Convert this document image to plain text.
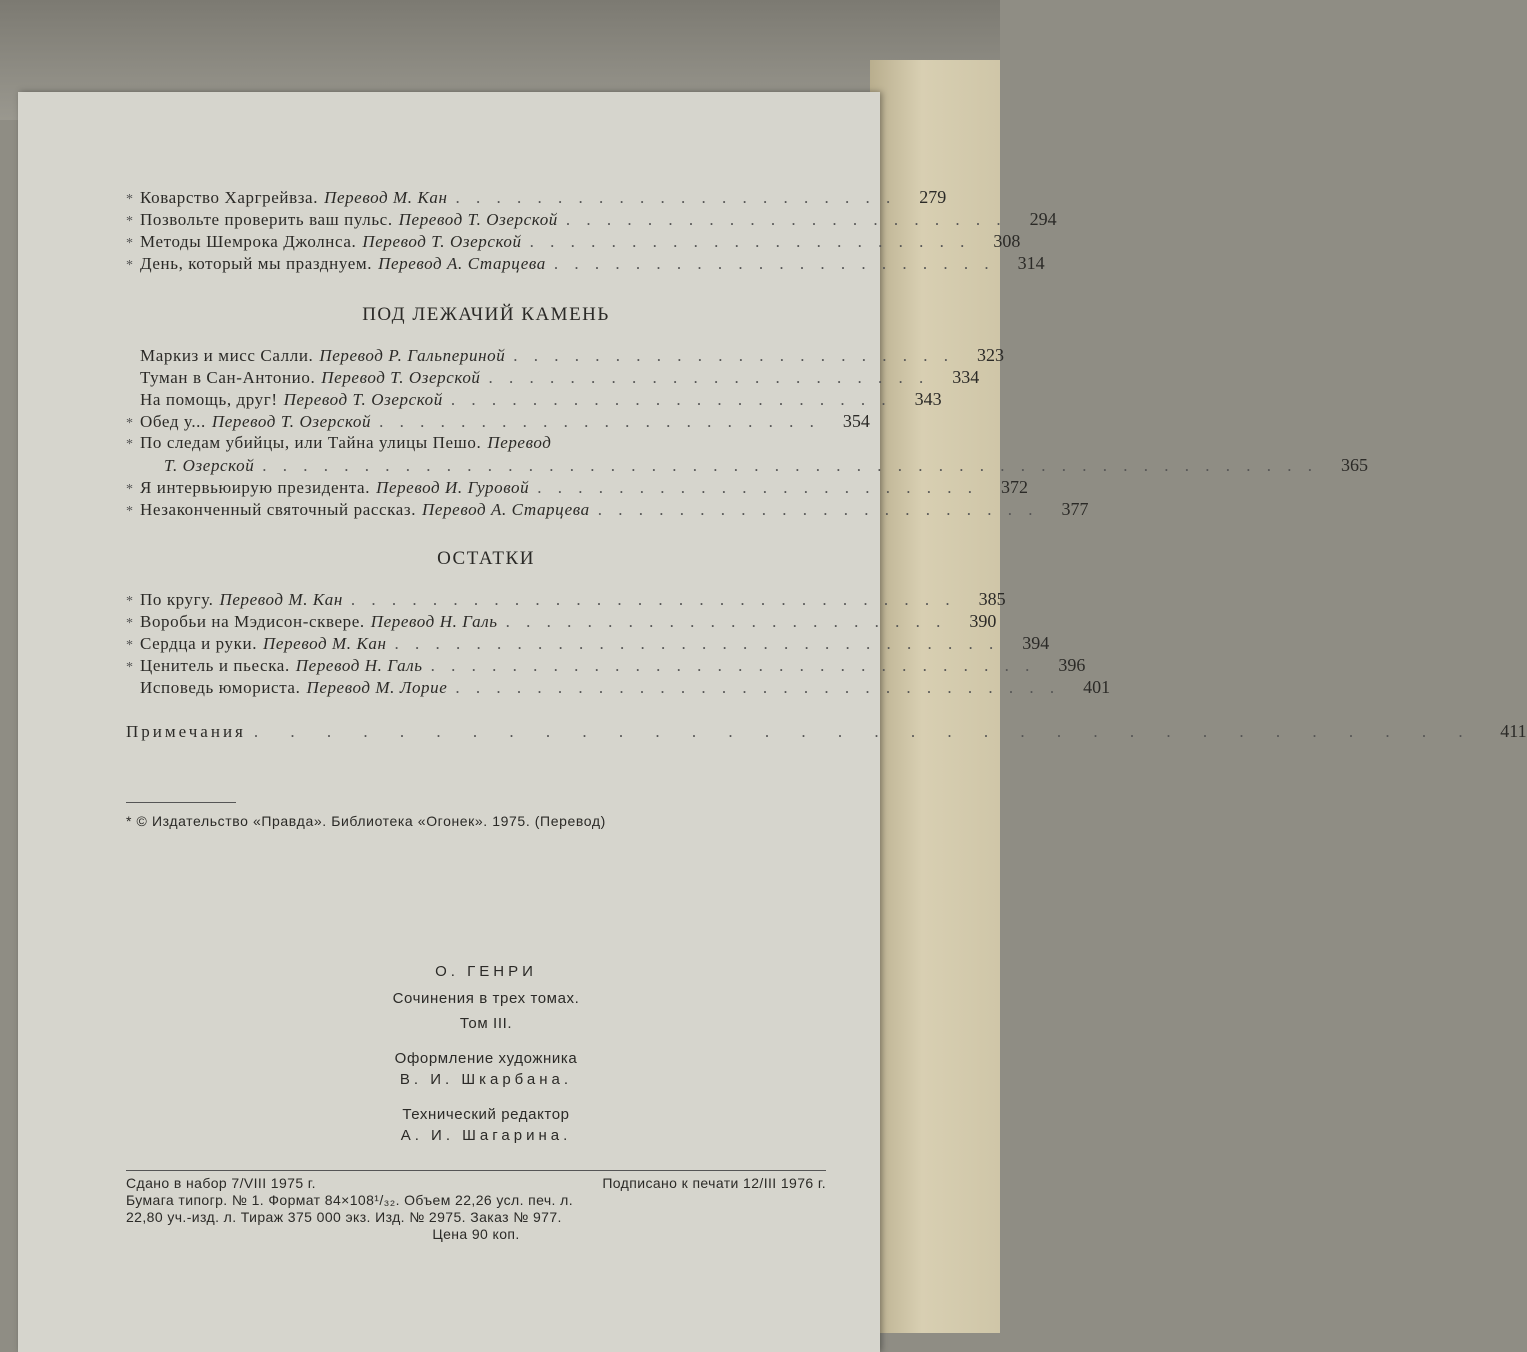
* Коварство Харгрейвза. Перевод М. Кан . . . . . . . . . . . . . . . . . . . . . .	279
* Позвольте проверить ваш пульс. Перевод Т. Озерской . . . . . . . . . . . . . . . . . . . . . .	294
* Методы Шемрока Джолнса. Перевод Т. Озерской . . . . . . . . . . . . . . . . . . . . . .	308
* День, который мы празднуем. Перевод А. Старцева . . . . . . . . . . . . . . . . . . . . . .	314
ПОД ЛЕЖАЧИЙ КАМЕНЬ
Маркиз и мисс Салли. Перевод Р. Гальпериной . . . . . . . . . . . . . . . . . . . . . .	323
Туман в Сан-Антонио. Перевод Т. Озерской . . . . . . . . . . . . . . . . . . . . . .	334
На помощь, друг! Перевод Т. Озерской . . . . . . . . . . . . . . . . . . . . . .	343
* Обед у... Перевод Т. Озерской . . . . . . . . . . . . . . . . . . . . . .	354
* По следам убийцы, или Тайна улицы Пешо. Перевод
Т. Озерской . . . . . . . . . . . . . . . . . . . . . . . . . . . . . . . . . . . . . . . . . . . . . . . . . . . .	365
* Я интервьюирую президента. Перевод И. Гуровой . . . . . . . . . . . . . . . . . . . . . .	372
* Незаконченный святочный рассказ. Перевод А. Старцева . . . . . . . . . . . . . . . . . . . . . .	377
ОСТАТКИ
* По кругу. Перевод М. Кан . . . . . . . . . . . . . . . . . . . . . . . . . . . . . .	385
* Воробьи на Мэдисон-сквере. Перевод Н. Галь . . . . . . . . . . . . . . . . . . . . . .	390
* Сердца и руки. Перевод М. Кан . . . . . . . . . . . . . . . . . . . . . . . . . . . . . .	394
* Ценитель и пьеска. Перевод Н. Галь . . . . . . . . . . . . . . . . . . . . . . . . . . . . . .	396
Исповедь юмориста. Перевод М. Лорие . . . . . . . . . . . . . . . . . . . . . . . . . . . . . .	401
Примечания . . . . . . . . . . . . . . . . . . . . . . . . . . . . . . . . . .	411
* © Издательство «Правда». Библиотека «Огонек». 1975. (Перевод)
О. ГЕНРИ
Сочинения в трех томах.
Том III.
Оформление художника
В. И. Шкарбана.
Технический редактор
А. И. Шагарина.
Сдано в набор 7/VIII 1975 г.	Подписано к печати 12/III 1976 г.
Бумага типогр. № 1. Формат 84×108¹/₃₂. Объем 22,26 усл. печ. л.
22,80 уч.-изд. л. Тираж 375 000 экз. Изд. № 2975. Заказ № 977.
Цена 90 коп.
